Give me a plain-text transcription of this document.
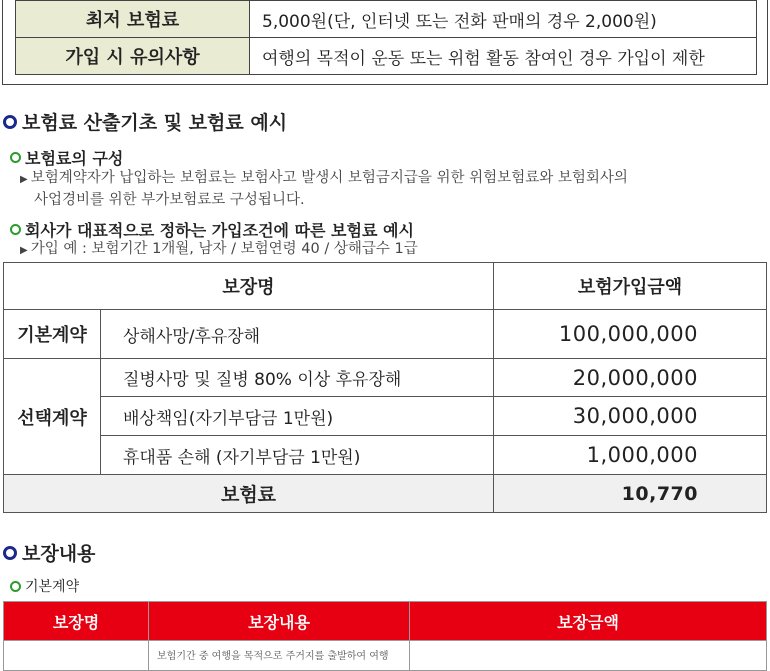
최저 보험료	5,000원(단, 인터넷 또는 전화 판매의 경우 2,000원)
가입 시 유의사항	여행의 목적이 운동 또는 위험 활동 참여인 경우 가입이 제한
보험료 산출기초 및 보험료 예시
보험료의 구성
▶ 보험계약자가 납입하는 보험료는 보험사고 발생시 보험금지급을 위한 위험보험료와 보험회사의
사업경비를 위한 부가보험료로 구성됩니다.
회사가 대표적으로 정하는 가입조건에 따른 보험료 예시
▶ 가입 예 : 보험기간 1개월, 남자 / 보험연령 40 / 상해급수 1급
보장명		보험가입금액
기본계약	상해사망/후유장해	100,000,000
선택계약	질병사망 및 질병 80% 이상 후유장해	20,000,000
	배상책임(자기부담금 1만원)	30,000,000
	휴대품 손해 (자기부담금 1만원)	1,000,000
보험료		10,770
보장내용
기본계약
보장명	보장내용	보장금액
	보험기간 중 여행을 목적으로 주거지를 출발하여 여행	
